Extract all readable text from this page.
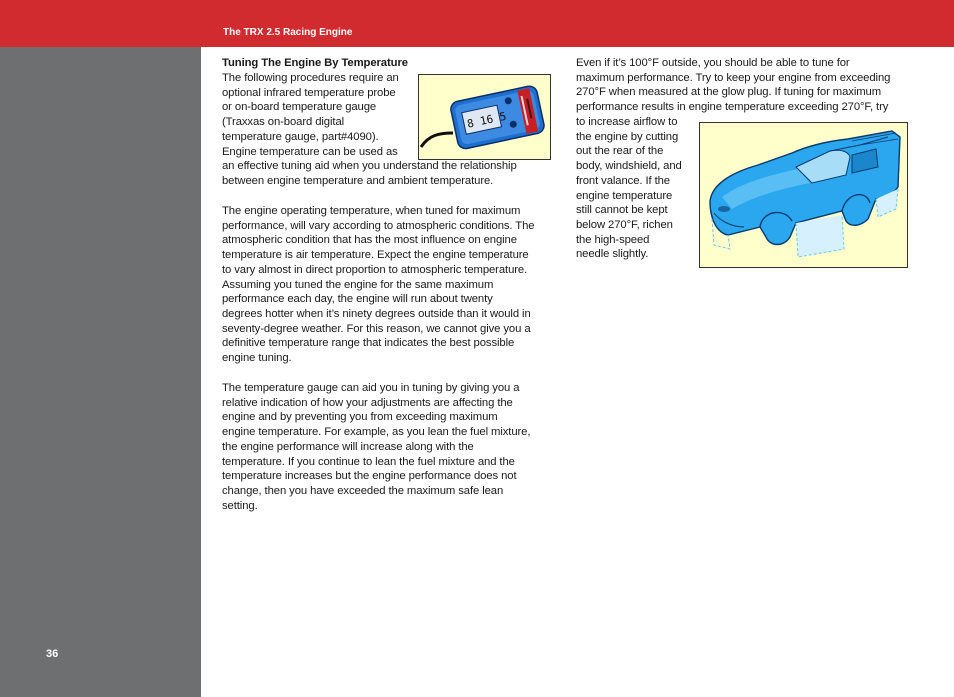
The TRX 2.5 Racing Engine
36
Tuning The Engine By Temperature
The following procedures require an
optional infrared temperature probe
or on-board temperature gauge
(Traxxas on-board digital
temperature gauge, part#4090).
Engine temperature can be used as
an effective tuning aid when you understand the relationship
between engine temperature and ambient temperature.
The engine operating temperature, when tuned for maximum
performance, will vary according to atmospheric conditions. The
atmospheric condition that has the most influence on engine
temperature is air temperature. Expect the engine temperature
to vary almost in direct proportion to atmospheric temperature.
Assuming you tuned the engine for the same maximum
performance each day, the engine will run about twenty
degrees hotter when it’s ninety degrees outside than it would in
seventy-degree weather. For this reason, we cannot give you a
definitive temperature range that indicates the best possible
engine tuning.
The temperature gauge can aid you in tuning by giving you a
relative indication of how your adjustments are affecting the
engine and by preventing you from exceeding maximum
engine temperature. For example, as you lean the fuel mixture,
the engine performance will increase along with the
temperature. If you continue to lean the fuel mixture and the
temperature increases but the engine performance does not
change, then you have exceeded the maximum safe lean
setting.
8 16 5
Even if it’s 100°F outside, you should be able to tune for
maximum performance. Try to keep your engine from exceeding
270°F when measured at the glow plug. If tuning for maximum
performance results in engine temperature exceeding 270°F, try
to increase airflow to
the engine by cutting
out the rear of the
body, windshield, and
front valance. If the
engine temperature
still cannot be kept
below 270°F, richen
the high-speed
needle slightly.
